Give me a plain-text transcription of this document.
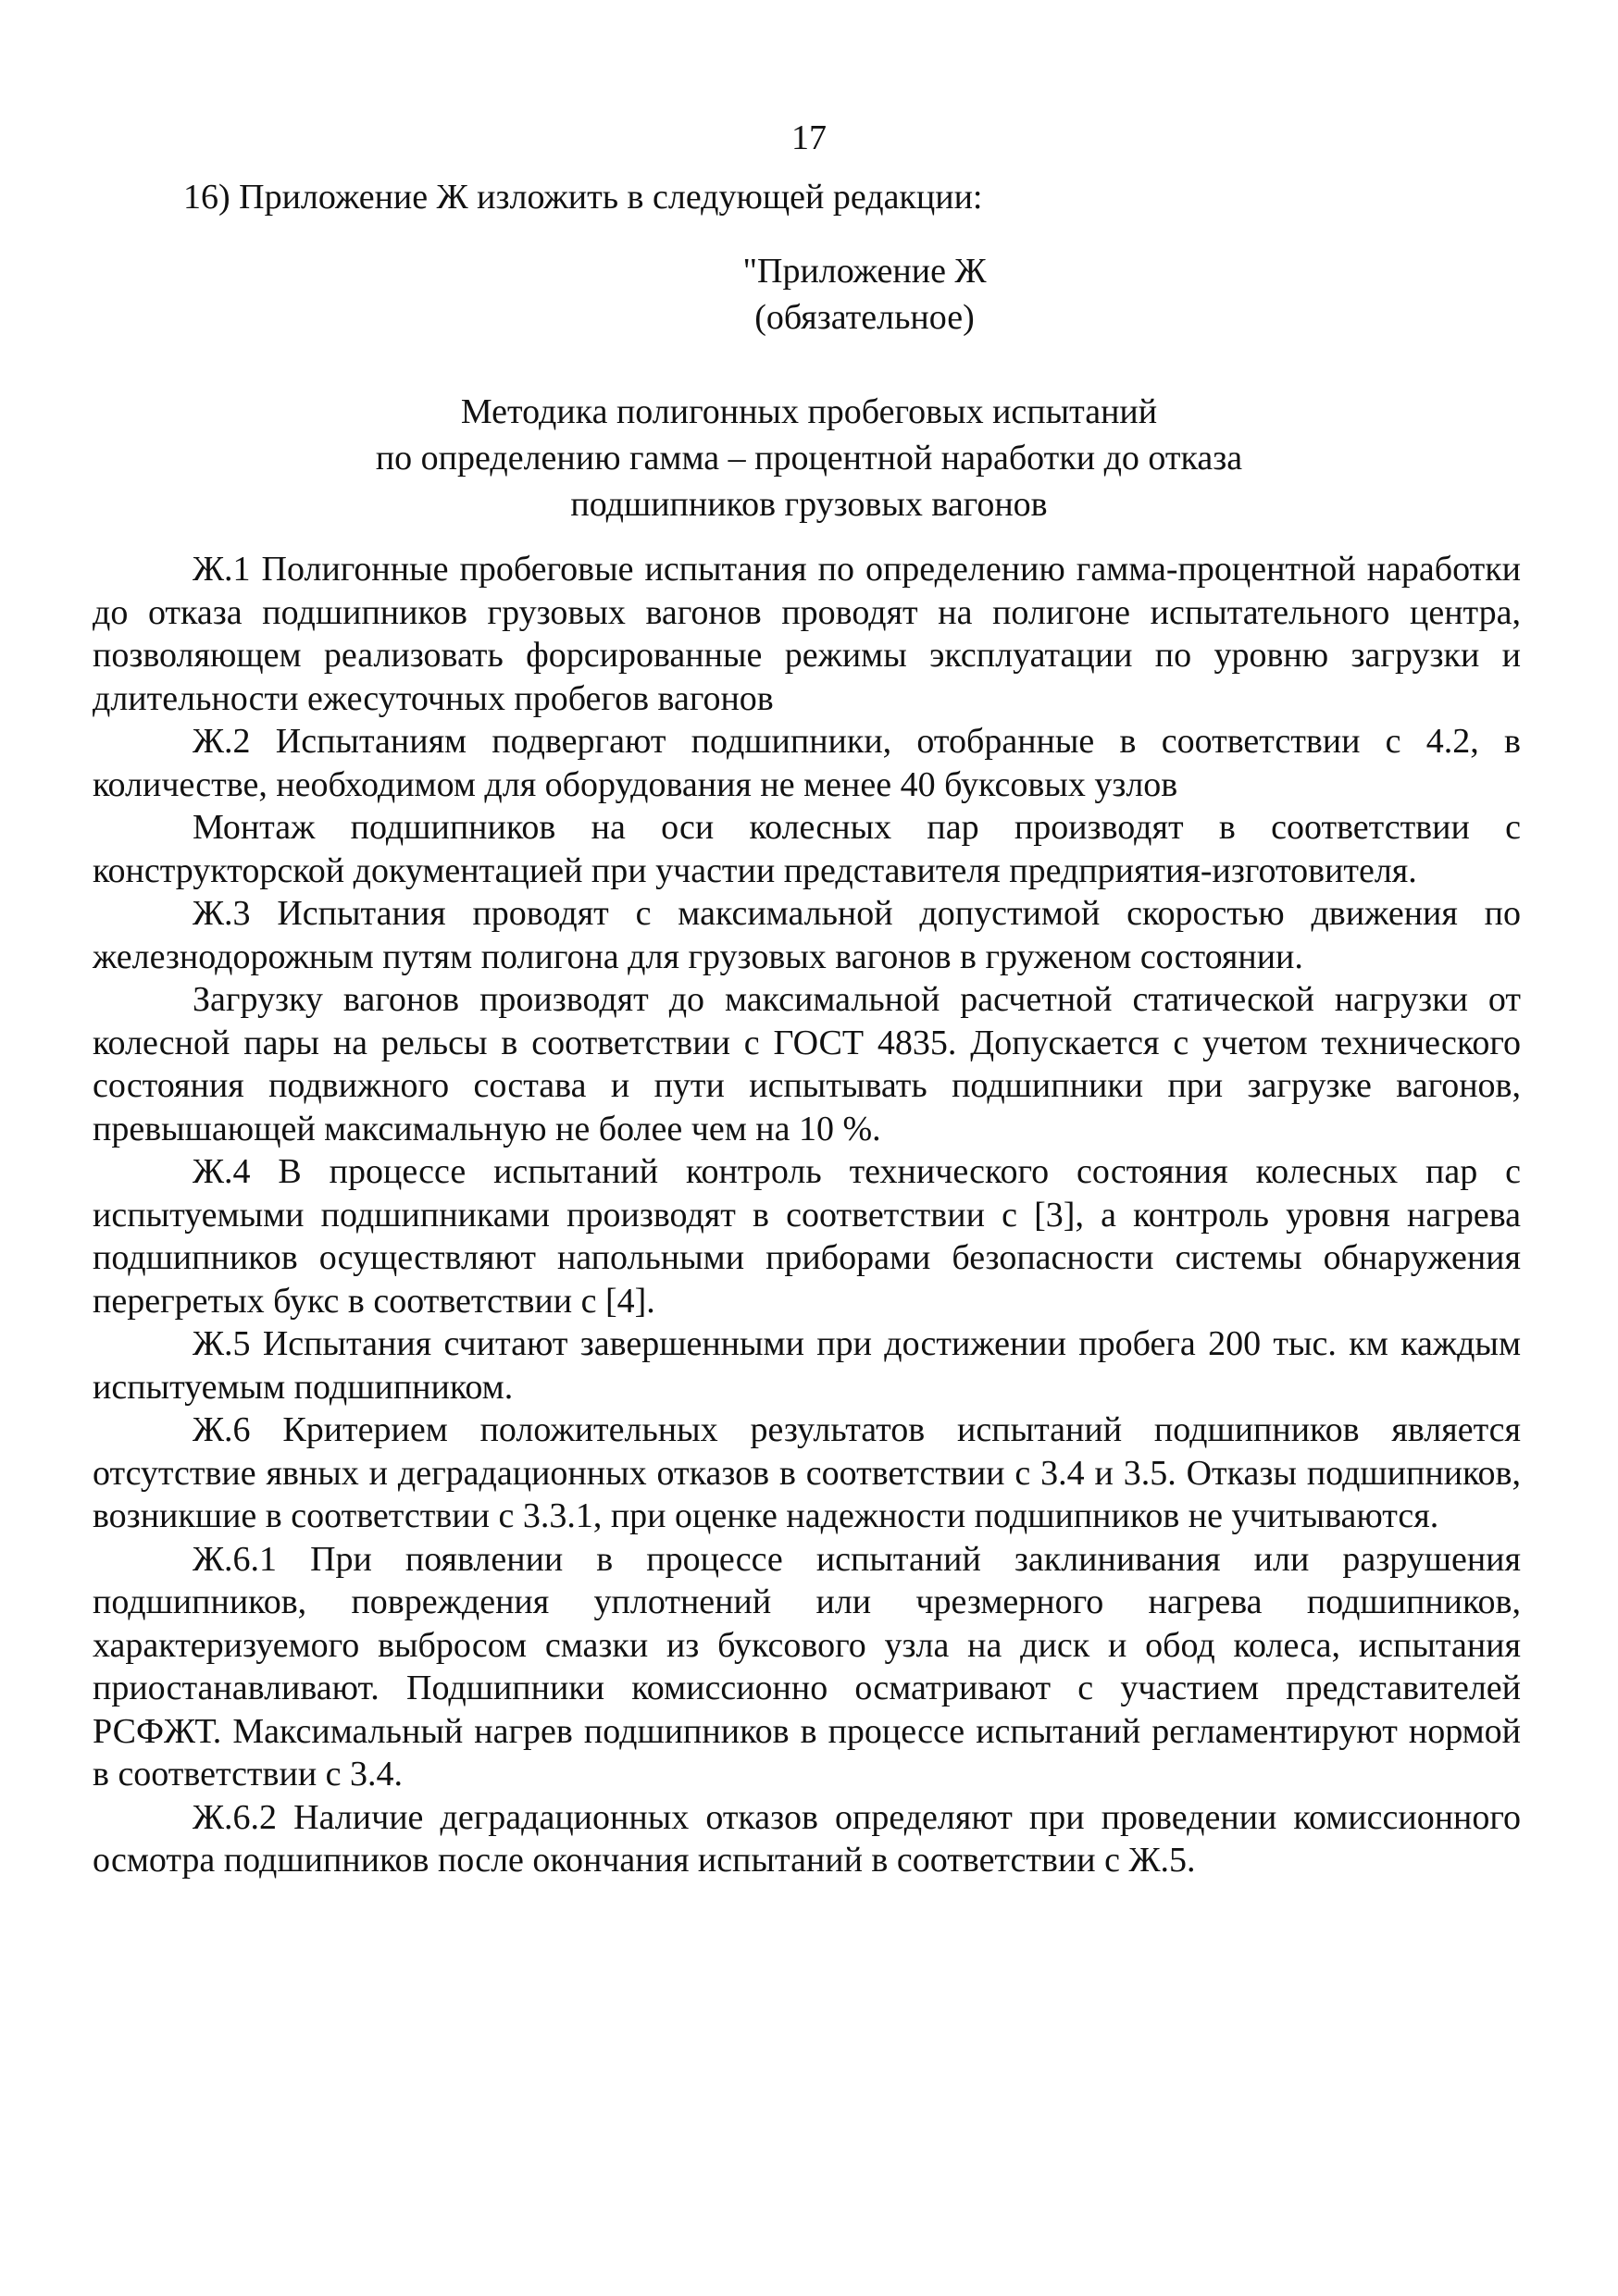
17
16) Приложение Ж изложить в следующей редакции:
"Приложение Ж
(обязательное)
Методика полигонных пробеговых испытаний
по определению гамма – процентной наработки до отказа
подшипников грузовых вагонов

Ж.1 Полигонные пробеговые испытания по определению гамма-процентной наработки до отказа подшипников грузовых вагонов проводят на полигоне испытательного центра, позволяющем реализовать форсированные режимы эксплуатации по уровню загрузки и длительности ежесуточных пробегов вагонов

Ж.2 Испытаниям подвергают подшипники, отобранные в соответствии с 4.2, в количестве, необходимом для оборудования не менее 40 буксовых узлов

Монтаж подшипников на оси колесных пар производят в соответствии с конструкторской документацией при участии представителя предприятия-изготовителя.

Ж.3 Испытания проводят с максимальной допустимой скоростью движения по железнодорожным путям полигона для грузовых вагонов в груженом состоянии.

Загрузку вагонов производят до максимальной расчетной статической нагрузки от колесной пары на рельсы в соответствии с ГОСТ 4835. Допускается с учетом технического состояния подвижного состава и пути испытывать подшипники при загрузке вагонов, превышающей максимальную не более чем на 10 %.

Ж.4 В процессе испытаний контроль технического состояния колесных пар с испытуемыми подшипниками производят в соответствии с [3], а контроль уровня нагрева подшипников осуществляют напольными приборами безопасности системы обнаружения перегретых букс в соответствии с [4].

Ж.5 Испытания считают завершенными при достижении пробега 200 тыс. км каждым испытуемым подшипником.

Ж.6 Критерием положительных результатов испытаний подшипников является отсутствие явных и деградационных отказов в соответствии с 3.4 и 3.5. Отказы подшипников, возникшие в соответствии с 3.3.1, при оценке надежности подшипников не учитываются.

Ж.6.1 При появлении в процессе испытаний заклинивания или разрушения подшипников, повреждения уплотнений или чрезмерного нагрева подшипников, характеризуемого выбросом смазки из буксового узла на диск и обод колеса, испытания приостанавливают. Подшипники комиссионно осматривают с участием представителей РСФЖТ. Максимальный нагрев подшипников в процессе испытаний регламентируют нормой в соответствии с 3.4.

Ж.6.2 Наличие деградационных отказов определяют при проведении комиссионного осмотра подшипников после окончания испытаний в соответствии с Ж.5.
